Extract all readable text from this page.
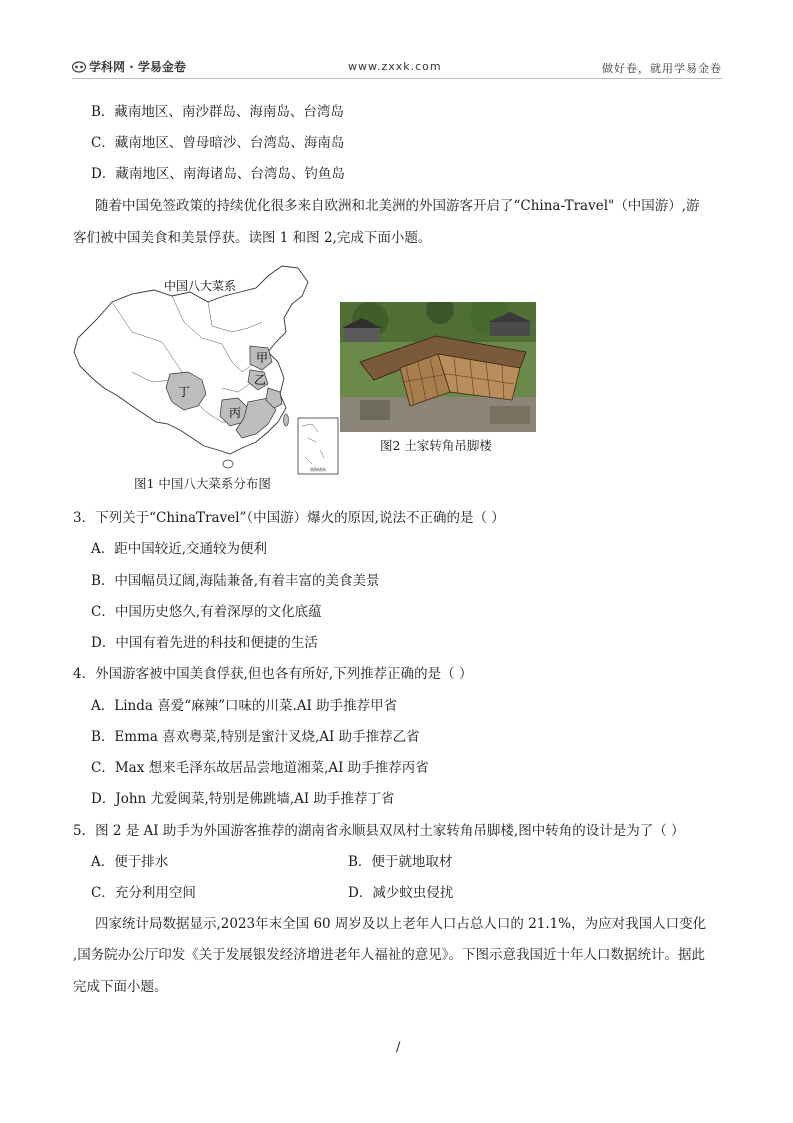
学科网 · 学易金卷	www.zxxk.com	做好卷，就用学易金卷
B．藏南地区、南沙群岛、海南岛、台湾岛
C．藏南地区、曾母暗沙、台湾岛、海南岛
D．藏南地区、南海诸岛、台湾岛、钓鱼岛
随着中国免签政策的持续优化很多来自欧洲和北美洲的外国游客开启了“China-Travel"（中国游）,游
客们被中国美食和美景俘获。读图 1 和图 2,完成下面小题。
中国八大菜系
甲
乙
丙
丁
南海诸岛
图2 土家转角吊脚楼
图1 中国八大菜系分布图
3．下列关于“ChinaTravel”（中国游）爆火的原因,说法不正确的是（ ）
A．距中国较近,交通较为便利
B．中国幅员辽阔,海陆兼备,有着丰富的美食美景
C．中国历史悠久,有着深厚的文化底蕴
D．中国有着先进的科技和便捷的生活
4．外国游客被中国美食俘获,但也各有所好,下列推荐正确的是（ ）
A．Linda 喜爱“麻辣”口味的川菜.AI 助手推荐甲省
B．Emma 喜欢粤菜,特别是蜜汁叉烧,AI 助手推荐乙省
C．Max 想来毛泽东故居品尝地道湘菜,AI 助手推荐丙省
D．John 尤爱闽菜,特别是佛跳墙,AI 助手推荐丁省
5．图 2 是 AI 助手为外国游客推荐的湖南省永顺县双凤村土家转角吊脚楼,图中转角的设计是为了（ ）
A．便于排水	B．便于就地取材
C．充分利用空间	D．减少蚊虫侵扰
四家统计局数据显示,2023年末全国 60 周岁及以上老年人口占总人口的 21.1%，为应对我国人口变化
,国务院办公厅印发《关于发展银发经济增进老年人福祉的意见》。下图示意我国近十年人口数据统计。据此
完成下面小题。
/
